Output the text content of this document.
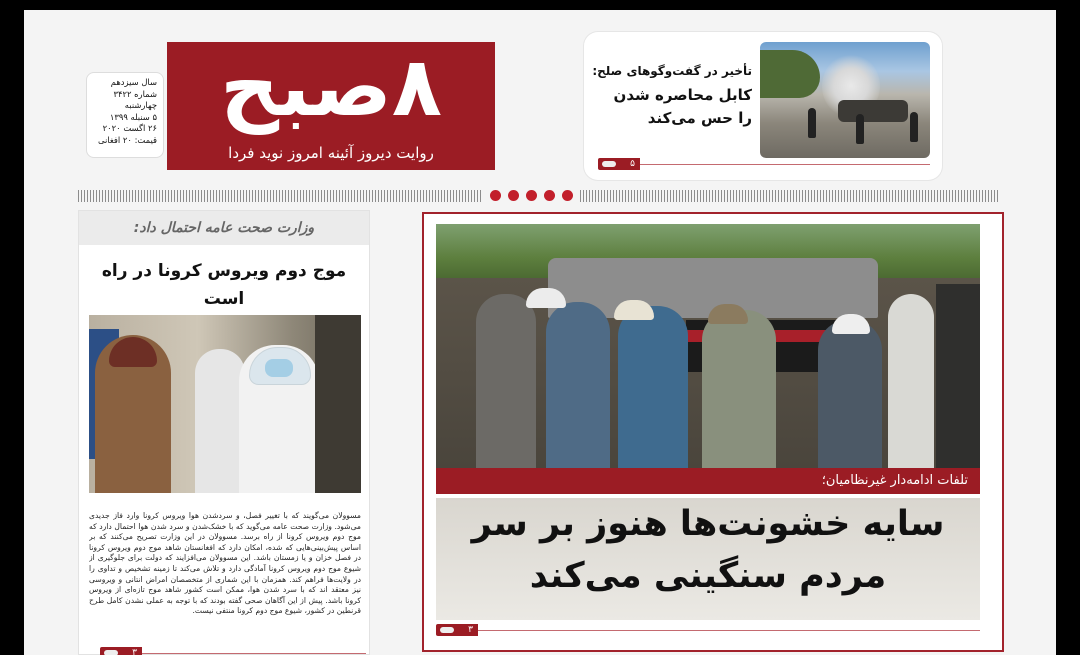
۸صبح
روایت دیروز آئینه امروز نوید فردا
سال سیزدهم
شماره ۳۴۲۲
چهارشنبه
۵ سنبله ۱۳۹۹
۲۶ اگست ۲۰۲۰
قیمت: ۲۰ افغانی
تأخیر در گفت‌وگوهای صلح:
کابل محاصره شدن
را حس می‌کند
۵
وزارت صحت عامه احتمال داد:
موج دوم ویروس کرونا در راه است
مسوولان می‌گویند که با تغییر فصل، و سردشدن هوا ویروس کرونا وارد فاز جدیدی می‌شود. وزارت صحت عامه می‌گوید که با خشک‌شدن و سرد شدن هوا احتمال دارد که موج دوم ویروس کرونا از راه برسد. مسوولان در این وزارت تصریح می‌کنند که بر اساس پیش‌بینی‌هایی که شده، امکان دارد که افغانستان شاهد موج دوم ویروس کرونا در فصل خزان و یا زمستان باشد. این مسوولان می‌افزایند که دولت برای جلوگیری از شیوع موج دوم ویروس کرونا آمادگی دارد و تلاش می‌کند تا زمینه تشخیص و تداوی را در ولایت‌ها فراهم کند. همزمان با این شماری از متخصصان امراض انتانی و ویروسی نیز معتقد اند که با سرد شدن هوا، ممکن است کشور شاهد موج تازه‌ای از ویروس کرونا باشد. پیش از این آگاهان صحی گفته بودند که با توجه به عملی نشدن کامل طرح قرنطین در کشور، شیوع موج دوم کرونا منتفی نیست.
۳
تلفات ادامه‌دار غیرنظامیان؛
سایه خشونت‌ها هنوز بر سر
مردم سنگینی می‌کند
۳
